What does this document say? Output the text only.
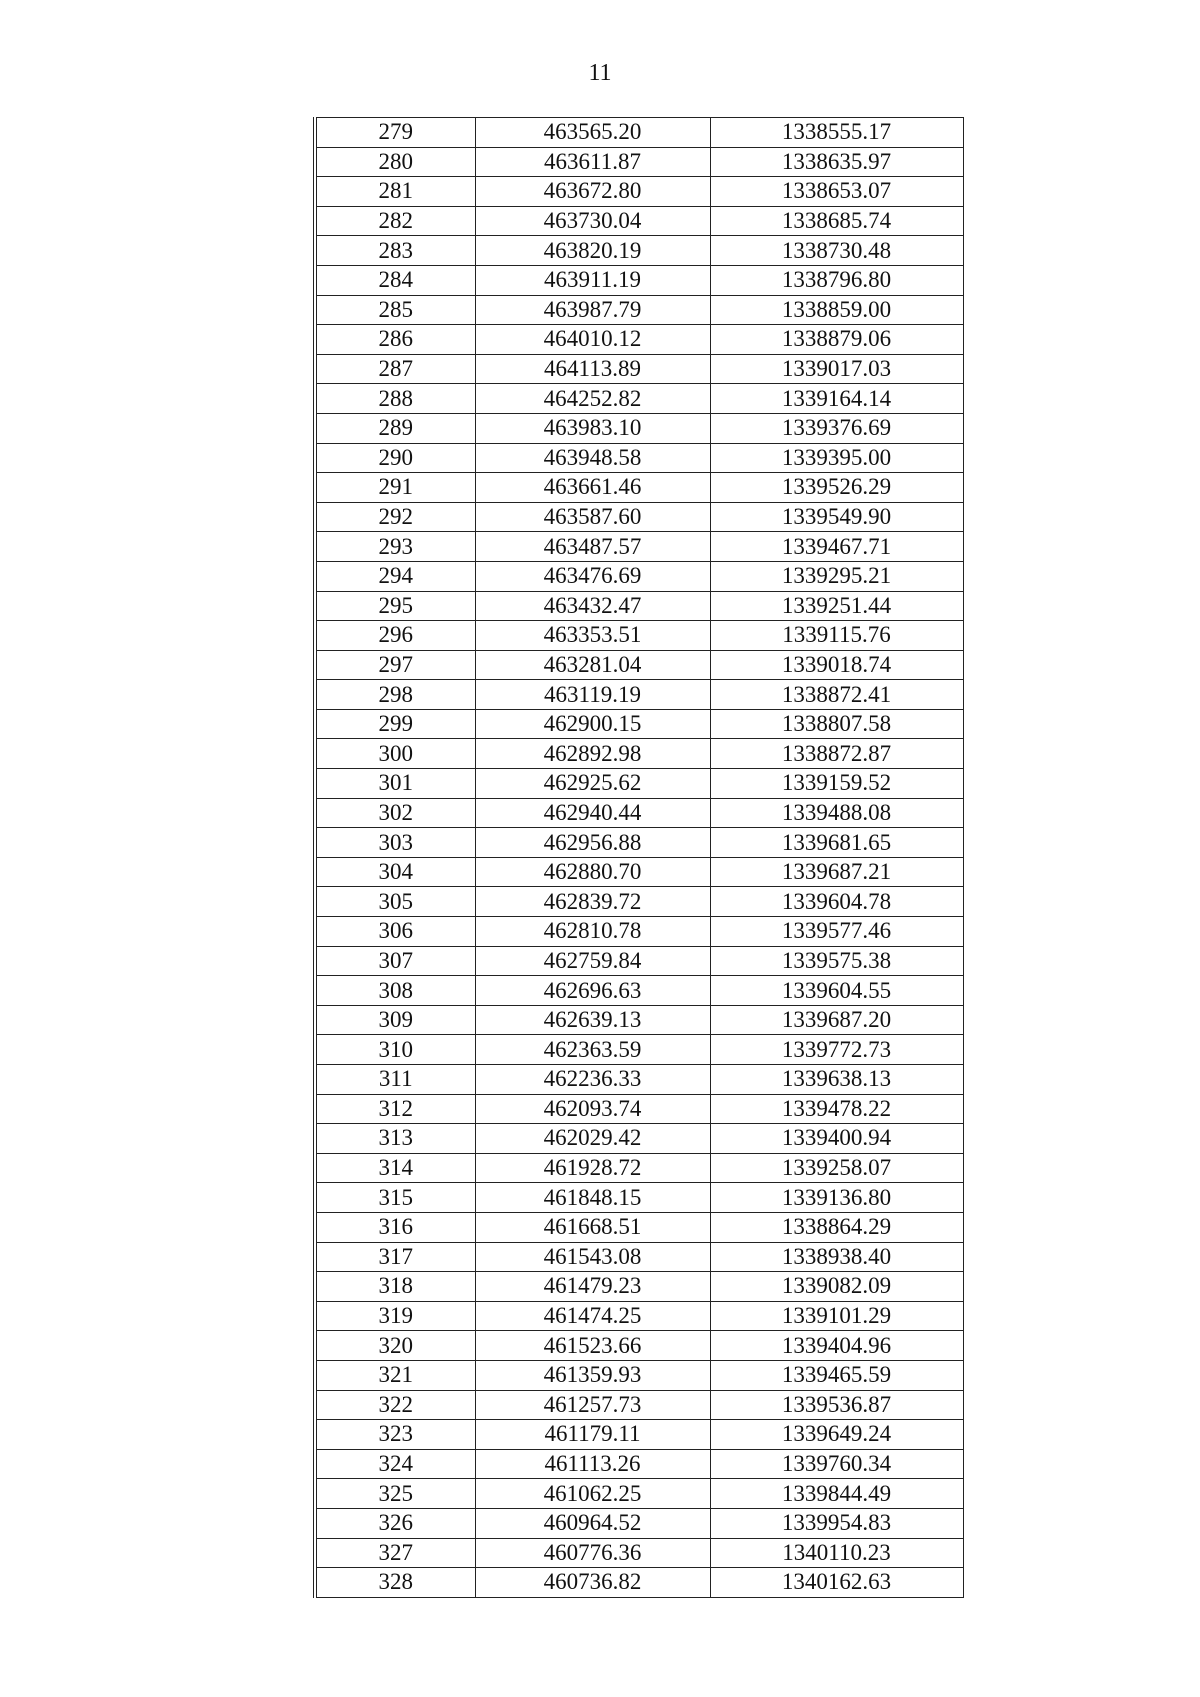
11
279	463565.20	1338555.17
280	463611.87	1338635.97
281	463672.80	1338653.07
282	463730.04	1338685.74
283	463820.19	1338730.48
284	463911.19	1338796.80
285	463987.79	1338859.00
286	464010.12	1338879.06
287	464113.89	1339017.03
288	464252.82	1339164.14
289	463983.10	1339376.69
290	463948.58	1339395.00
291	463661.46	1339526.29
292	463587.60	1339549.90
293	463487.57	1339467.71
294	463476.69	1339295.21
295	463432.47	1339251.44
296	463353.51	1339115.76
297	463281.04	1339018.74
298	463119.19	1338872.41
299	462900.15	1338807.58
300	462892.98	1338872.87
301	462925.62	1339159.52
302	462940.44	1339488.08
303	462956.88	1339681.65
304	462880.70	1339687.21
305	462839.72	1339604.78
306	462810.78	1339577.46
307	462759.84	1339575.38
308	462696.63	1339604.55
309	462639.13	1339687.20
310	462363.59	1339772.73
311	462236.33	1339638.13
312	462093.74	1339478.22
313	462029.42	1339400.94
314	461928.72	1339258.07
315	461848.15	1339136.80
316	461668.51	1338864.29
317	461543.08	1338938.40
318	461479.23	1339082.09
319	461474.25	1339101.29
320	461523.66	1339404.96
321	461359.93	1339465.59
322	461257.73	1339536.87
323	461179.11	1339649.24
324	461113.26	1339760.34
325	461062.25	1339844.49
326	460964.52	1339954.83
327	460776.36	1340110.23
328	460736.82	1340162.63
